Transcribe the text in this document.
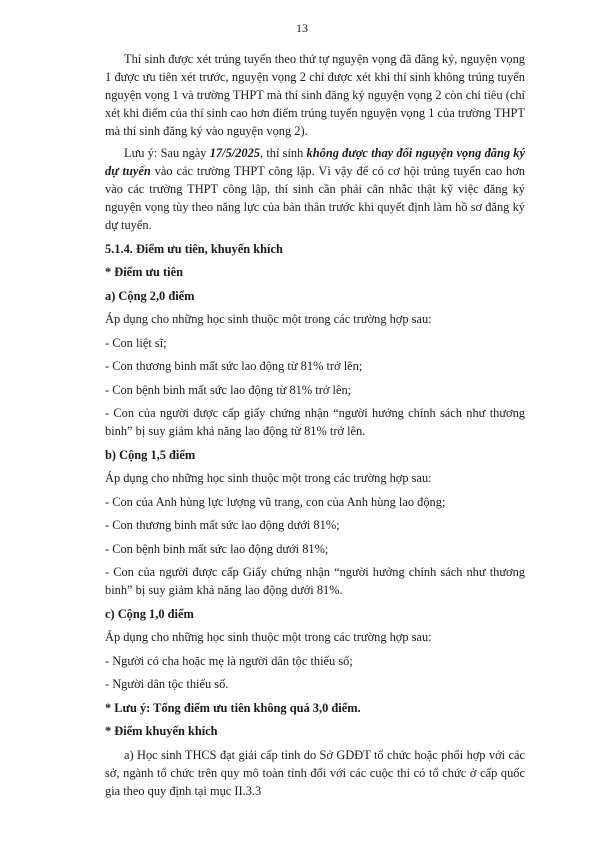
13

Thí sinh được xét trúng tuyển theo thứ tự nguyện vọng đã đăng ký, nguyện vọng 1 được ưu tiên xét trước, nguyện vọng 2 chỉ được xét khi thí sinh không trúng tuyển nguyện vọng 1 và trường THPT mà thí sinh đăng ký nguyện vọng 2 còn chỉ tiêu (chỉ xét khi điểm của thí sinh cao hơn điểm trúng tuyển nguyện vọng 1 của trường THPT mà thí sinh đăng ký vào nguyện vọng 2).

Lưu ý: Sau ngày 17/5/2025, thí sinh không được thay đổi nguyện vọng đăng ký dự tuyển vào các trường THPT công lập. Vì vậy để có cơ hội trúng tuyển cao hơn vào các trường THPT công lập, thí sinh cần phải cân nhắc thật kỹ việc đăng ký nguyện vọng tùy theo năng lực của bản thân trước khi quyết định làm hồ sơ đăng ký dự tuyển.

5.1.4. Điểm ưu tiên, khuyến khích

* Điểm ưu tiên

a) Cộng 2,0 điểm

Áp dụng cho những học sinh thuộc một trong các trường hợp sau:

- Con liệt sĩ;

- Con thương binh mất sức lao động từ 81% trở lên;

- Con bệnh binh mất sức lao động từ 81% trở lên;

- Con của người được cấp giấy chứng nhận “người hưởng chính sách như thương binh” bị suy giảm khả năng lao động từ 81% trở lên.

b) Cộng 1,5 điểm

Áp dụng cho những học sinh thuộc một trong các trường hợp sau:

- Con của Anh hùng lực lượng vũ trang, con của Anh hùng lao động;

- Con thương binh mất sức lao động dưới 81%;

- Con bệnh binh mất sức lao động dưới 81%;

- Con của người được cấp Giấy chứng nhận “người hưởng chính sách như thương binh” bị suy giảm khả năng lao động dưới 81%.

c) Cộng 1,0 điểm

Áp dụng cho những học sinh thuộc một trong các trường hợp sau:

- Người có cha hoặc mẹ là người dân tộc thiểu số;

- Người dân tộc thiểu số.

* Lưu ý: Tổng điểm ưu tiên không quá 3,0 điểm.

* Điểm khuyến khích

a) Học sinh THCS đạt giải cấp tỉnh do Sở GDĐT tổ chức hoặc phối hợp với các sở, ngành tổ chức trên quy mô toàn tỉnh đối với các cuộc thi có tổ chức ở cấp quốc gia theo quy định tại mục II.3.3
